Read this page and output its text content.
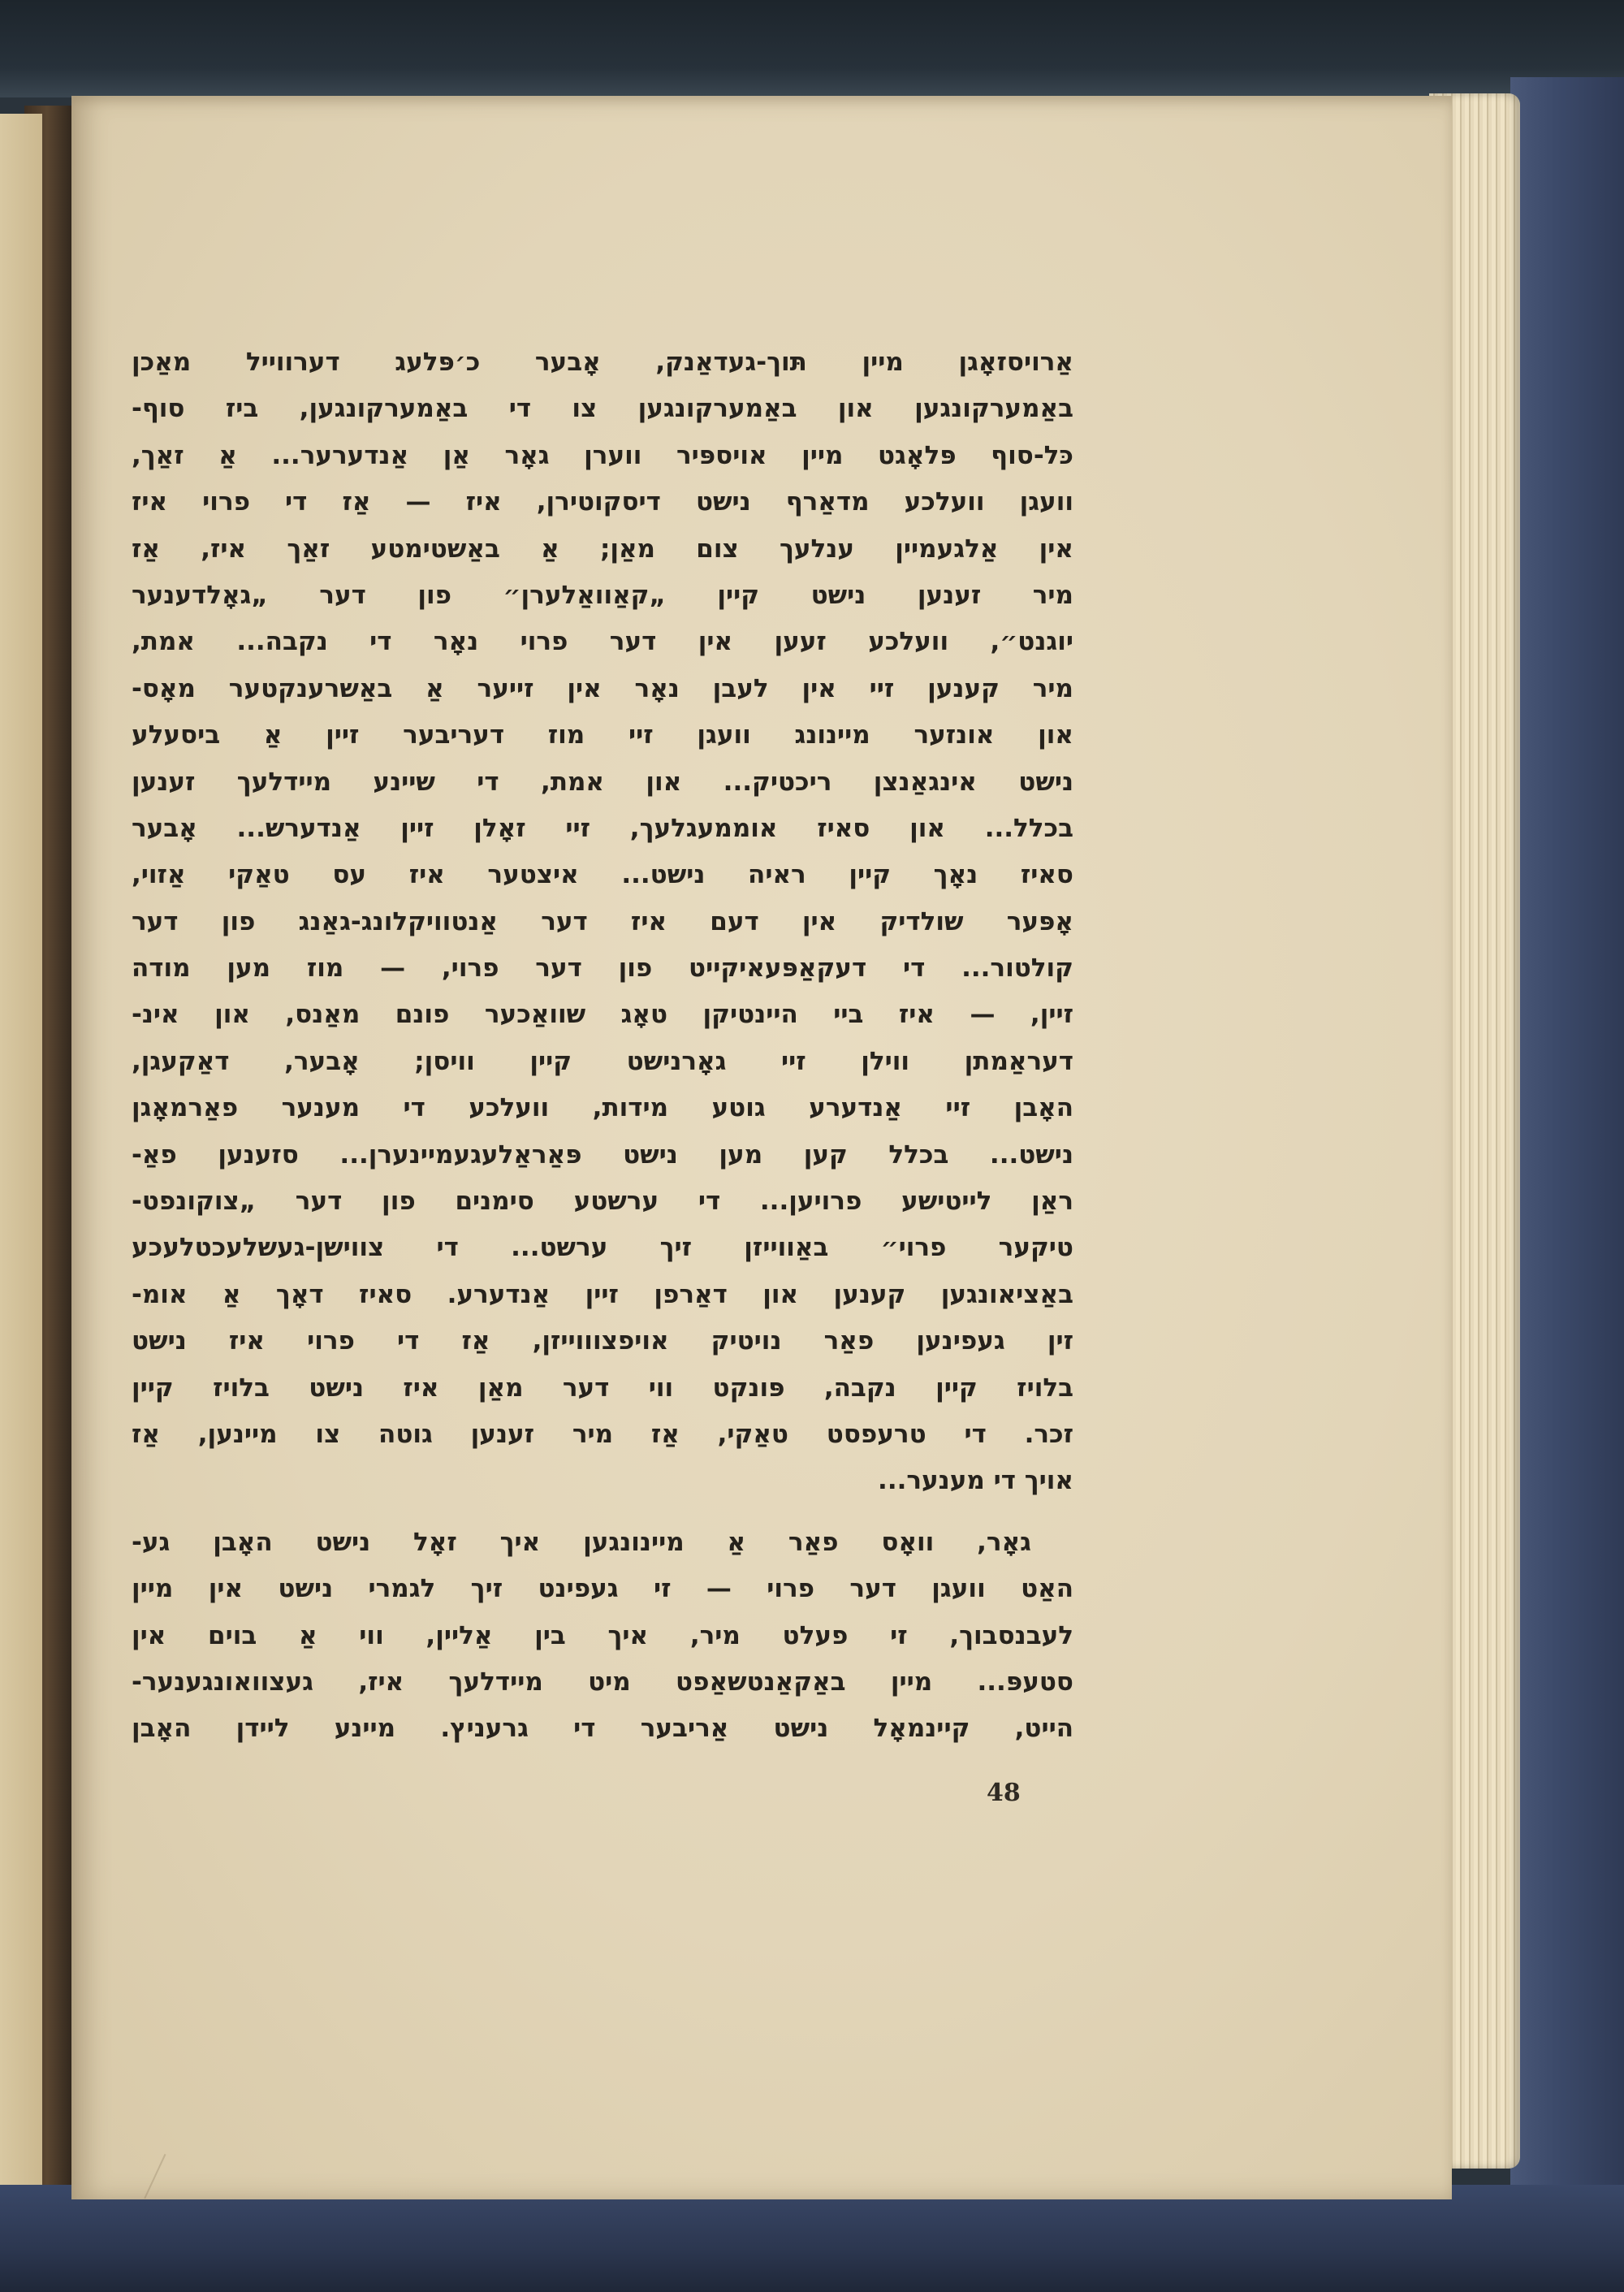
אַרויסזאָגן מיין תּוך-געדאַנק, אָבער כ׳פּלעג דערווייל מאַכן
באַמערקונגען און באַמערקונגען צו די באַמערקונגען, ביז סוף-
כּל-סוף פּלאָגט מיין אויספּיר ווערן גאָר אַן אַנדערער... אַ זאַך,
וועגן וועלכע מדאַרף נישט דיסקוטירן, איז — אַז די פרוי איז
אין אַלגעמיין ענלעך צום מאַן; אַ באַשטימטע זאַך איז, אַז
מיר זענען נישט קיין „קאַוואַלערן״ פון דער „גאָלדענער
יוגנט״, וועלכע זעען אין דער פרוי נאָר די נקבה... אמת,
מיר קענען זיי אין לעבן נאָר אין זייער אַ באַשרענקטער מאָס-
און אונזער מיינונג וועגן זיי מוז דעריבער זיין אַ ביסעלע
נישט אינגאַנצן ריכטיק... און אמת, די שיינע מיידלעך זענען
בכלל... און סאיז אוממעגלעך, זיי זאָלן זיין אַנדערש... אָבער
סאיז נאָך קיין ראיה נישט... איצטער איז עס טאַקי אַזוי,
אָפּער שולדיק אין דעם איז דער אַנטוויקלונג-גאַנג פון דער
קולטור... די דעקאַפּעאיקייט פון דער פרוי, — מוז מען מודה
זיין, — איז ביי היינטיקן טאָג שוואַכער פונם מאַנס, און אינ-
דעראַמתן ווילן זיי גאָרנישט קיין וויסן; אָבער, דאַקעגן,
האָבן זיי אַנדערע גוטע מידות, וועלכע די מענער פאַרמאָגן
נישט... בכלל קען מען נישט פּאַראַלעגעמיינערן... סזענען פאַ-
ראַן לייטישע פרויען... די ערשטע סימנים פון דער „צוקונפט-
טיקער פרוי״ באַווייזן זיך ערשט... די צווישן-געשלעכטלעכע
באַציאונגען קענען און דאַרפן זיין אַנדערע. סאיז דאָך אַ אומ-
זין געפינען פאַר נויטיק אויפצוווייזן, אַז די פרוי איז נישט
בלויז קיין נקבה, פּונקט ווי דער מאַן איז נישט בלויז קיין
זכר. די טרעפסט טאַקי, אַז מיר זענען גוטה צו מיינען, אַז
אויך די מענער...
גאָר, וואָס פאַר אַ מיינונגען איך זאָל נישט האָבן גע-
האַט וועגן דער פרוי — זי געפינט זיך לגמרי נישט אין מיין
לעבנסבוך, זי פעלט מיר, איך בין אַליין, ווי אַ בוים אין
סטעפּ... מיין באַקאַנטשאַפט מיט מיידלעך איז, געצוואונגענער-
הייט, קיינמאָל נישט אַריבער די גרעניץ. מיינע ליידן האָבן
48
